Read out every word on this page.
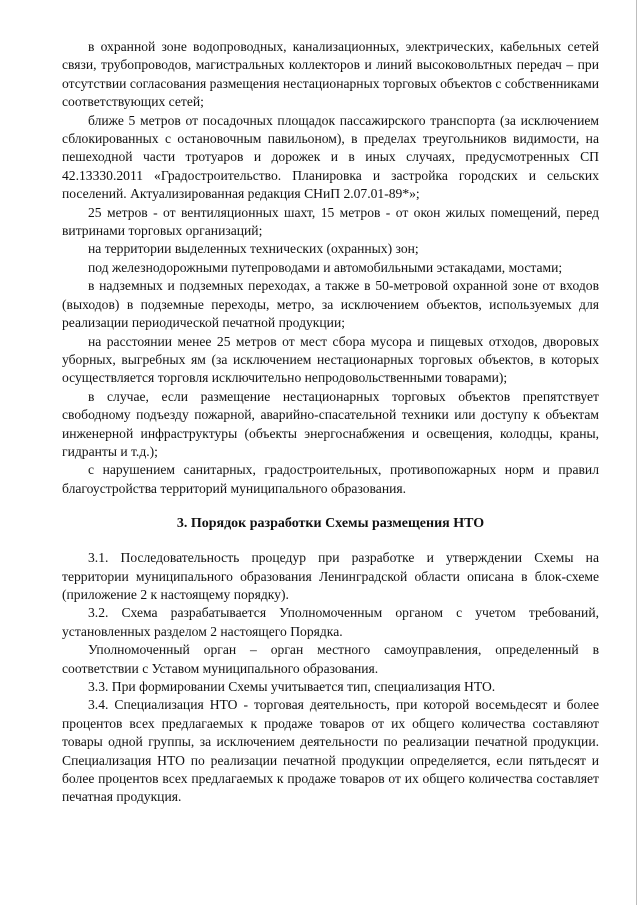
в охранной зоне водопроводных, канализационных, электрических, кабельных сетей связи, трубопроводов, магистральных коллекторов и линий высоковольтных передач – при отсутствии согласования размещения нестационарных торговых объектов с собственниками соответствующих сетей;

ближе 5 метров от посадочных площадок пассажирского транспорта (за исключением сблокированных с остановочным павильоном), в пределах треугольников видимости, на пешеходной части тротуаров и дорожек и в иных случаях, предусмотренных СП 42.13330.2011 «Градостроительство. Планировка и застройка городских и сельских поселений. Актуализированная редакция СНиП 2.07.01-89*»;

25 метров - от вентиляционных шахт, 15 метров - от окон жилых помещений, перед витринами торговых организаций;

на территории выделенных технических (охранных) зон;

под железнодорожными путепроводами и автомобильными эстакадами, мостами;

в надземных и подземных переходах, а также в 50-метровой охранной зоне от входов (выходов) в подземные переходы, метро, за исключением объектов, используемых для реализации периодической печатной продукции;

на расстоянии менее 25 метров от мест сбора мусора и пищевых отходов, дворовых уборных, выгребных ям (за исключением нестационарных торговых объектов, в которых осуществляется торговля исключительно непродовольственными товарами);

в случае, если размещение нестационарных торговых объектов препятствует свободному подъезду пожарной, аварийно-спасательной техники или доступу к объектам инженерной инфраструктуры (объекты энергоснабжения и освещения, колодцы, краны, гидранты и т.д.);

с нарушением санитарных, градостроительных, противопожарных норм и правил благоустройства территорий муниципального образования.

3. Порядок разработки Схемы размещения НТО

3.1. Последовательность процедур при разработке и утверждении Схемы на территории муниципального образования Ленинградской области описана в блок-схеме (приложение 2 к настоящему порядку).

3.2. Схема разрабатывается Уполномоченным органом с учетом требований, установленных разделом 2 настоящего Порядка.

Уполномоченный орган – орган местного самоуправления, определенный в соответствии с Уставом муниципального образования.

3.3. При формировании Схемы учитывается тип, специализация НТО.

3.4. Специализация НТО - торговая деятельность, при которой восемьдесят и более процентов всех предлагаемых к продаже товаров от их общего количества составляют товары одной группы, за исключением деятельности по реализации печатной продукции. Специализация НТО по реализации печатной продукции определяется, если пятьдесят и более процентов всех предлагаемых к продаже товаров от их общего количества составляет печатная продукция.
